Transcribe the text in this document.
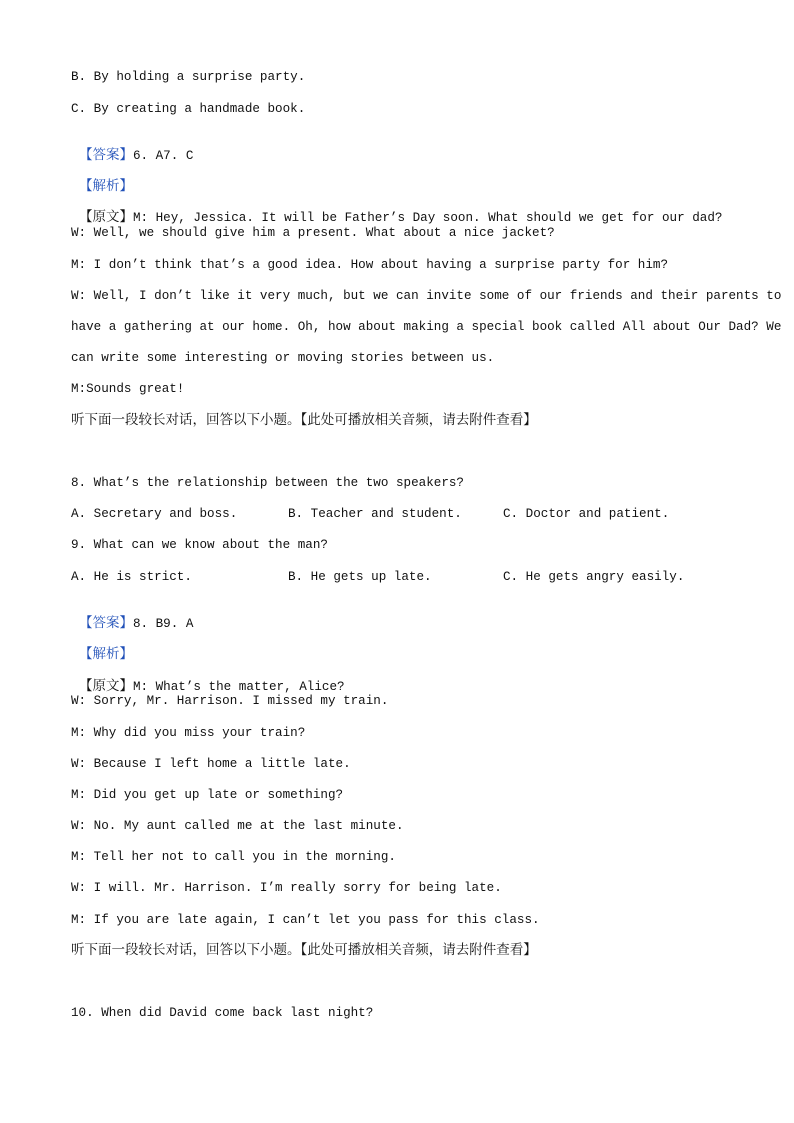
B. By holding a surprise party.
C. By creating a handmade book.

【答案】6. A7. C

【解析】

【原文】M: Hey, Jessica. It will be Father’s Day soon. What should we get for our dad?

W: Well, we should give him a present. What about a nice jacket?
M: I don’t think that’s a good idea. How about having a surprise party for him?
W: Well, I don’t like it very much, but we can invite some of our friends and their parents to
have a gathering at our home. Oh, how about making a special book called All about Our Dad? We
can write some interesting or moving stories between us.
M:Sounds great!
听下面一段较长对话，回答以下小题。【此处可播放相关音频，请去附件查看】
8. What’s the relationship between the two speakers?
A. Secretary and boss.	B. Teacher and student.	C. Doctor and patient.
9. What can we know about the man?
A. He is strict.	B. He gets up late.	C. He gets angry easily.

【答案】8. B9. A

【解析】

【原文】M: What’s the matter, Alice?

W: Sorry, Mr. Harrison. I missed my train.
M: Why did you miss your train?
W: Because I left home a little late.
M: Did you get up late or something?
W: No. My aunt called me at the last minute.
M: Tell her not to call you in the morning.
W: I will. Mr. Harrison. I’m really sorry for being late.
M: If you are late again, I can’t let you pass for this class.
听下面一段较长对话，回答以下小题。【此处可播放相关音频，请去附件查看】
10. When did David come back last night?
